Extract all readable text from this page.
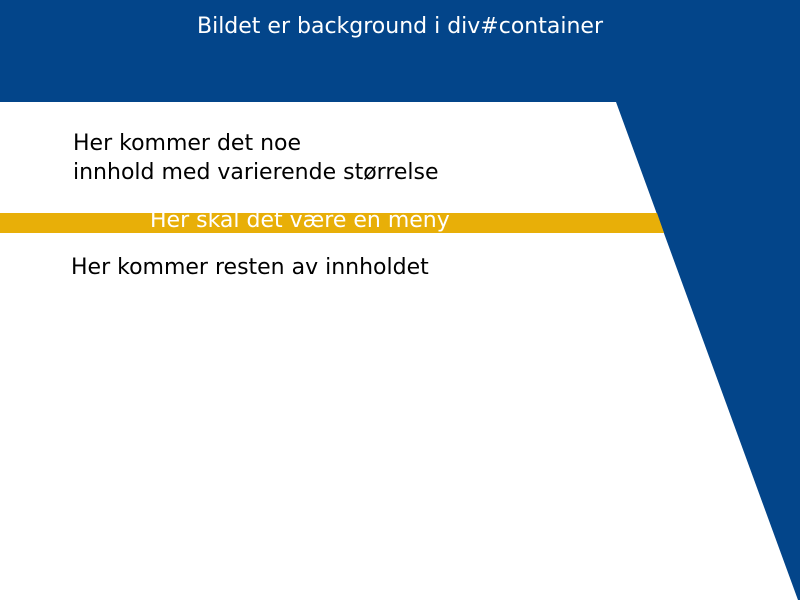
Bildet er background i div#container
Her kommer det noe
innhold med varierende størrelse
Her skal det være en meny
Her kommer resten av innholdet
